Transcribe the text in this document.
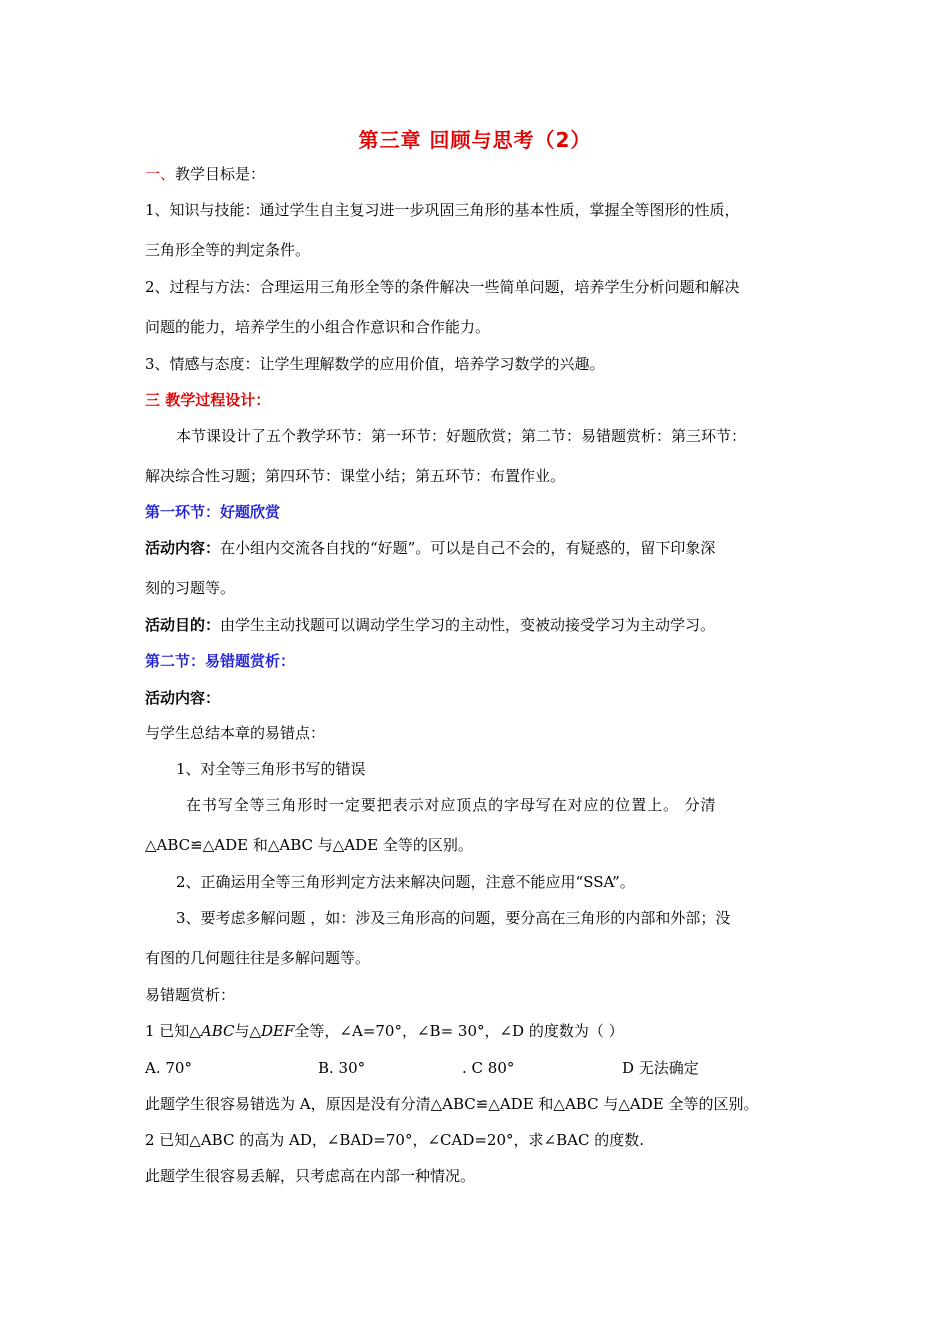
第三章 回顾与思考（2）
一、教学目标是：
1、知识与技能：通过学生自主复习进一步巩固三角形的基本性质，掌握全等图形的性质，
三角形全等的判定条件。
2、过程与方法：合理运用三角形全等的条件解决一些简单问题，培养学生分析问题和解决
问题的能力，培养学生的小组合作意识和合作能力。
3、情感与态度：让学生理解数学的应用价值，培养学习数学的兴趣。
三 教学过程设计：
本节课设计了五个教学环节：第一环节：好题欣赏；第二节：易错题赏析：第三环节：
解决综合性习题；第四环节：课堂小结；第五环节：布置作业。
第一环节：好题欣赏
活动内容：在小组内交流各自找的“好题”。可以是自己不会的，有疑惑的，留下印象深
刻的习题等。
活动目的：由学生主动找题可以调动学生学习的主动性，变被动接受学习为主动学习。
第二节：易错题赏析：
活动内容：
与学生总结本章的易错点：
1、对全等三角形书写的错误
在书写全等三角形时一定要把表示对应顶点的字母写在对应的位置上。 分清
△ABC≌△ADE 和△ABC 与△ADE 全等的区别。
2、正确运用全等三角形判定方法来解决问题，注意不能应用“SSA”。
3、要考虑多解问题 ，如：涉及三角形高的问题，要分高在三角形的内部和外部；没
有图的几何题往往是多解问题等。
易错题赏析：
1 已知△ABC与△DEF全等，∠A=70°，∠B= 30°，∠D 的度数为（ ）
A. 70°	B. 30°	. C 80°	D 无法确定
此题学生很容易错选为 A，原因是没有分清△ABC≌△ADE 和△ABC 与△ADE 全等的区别。
2 已知△ABC 的高为 AD，∠BAD=70°，∠CAD=20°，求∠BAC 的度数.
此题学生很容易丢解，只考虑高在内部一种情况。
